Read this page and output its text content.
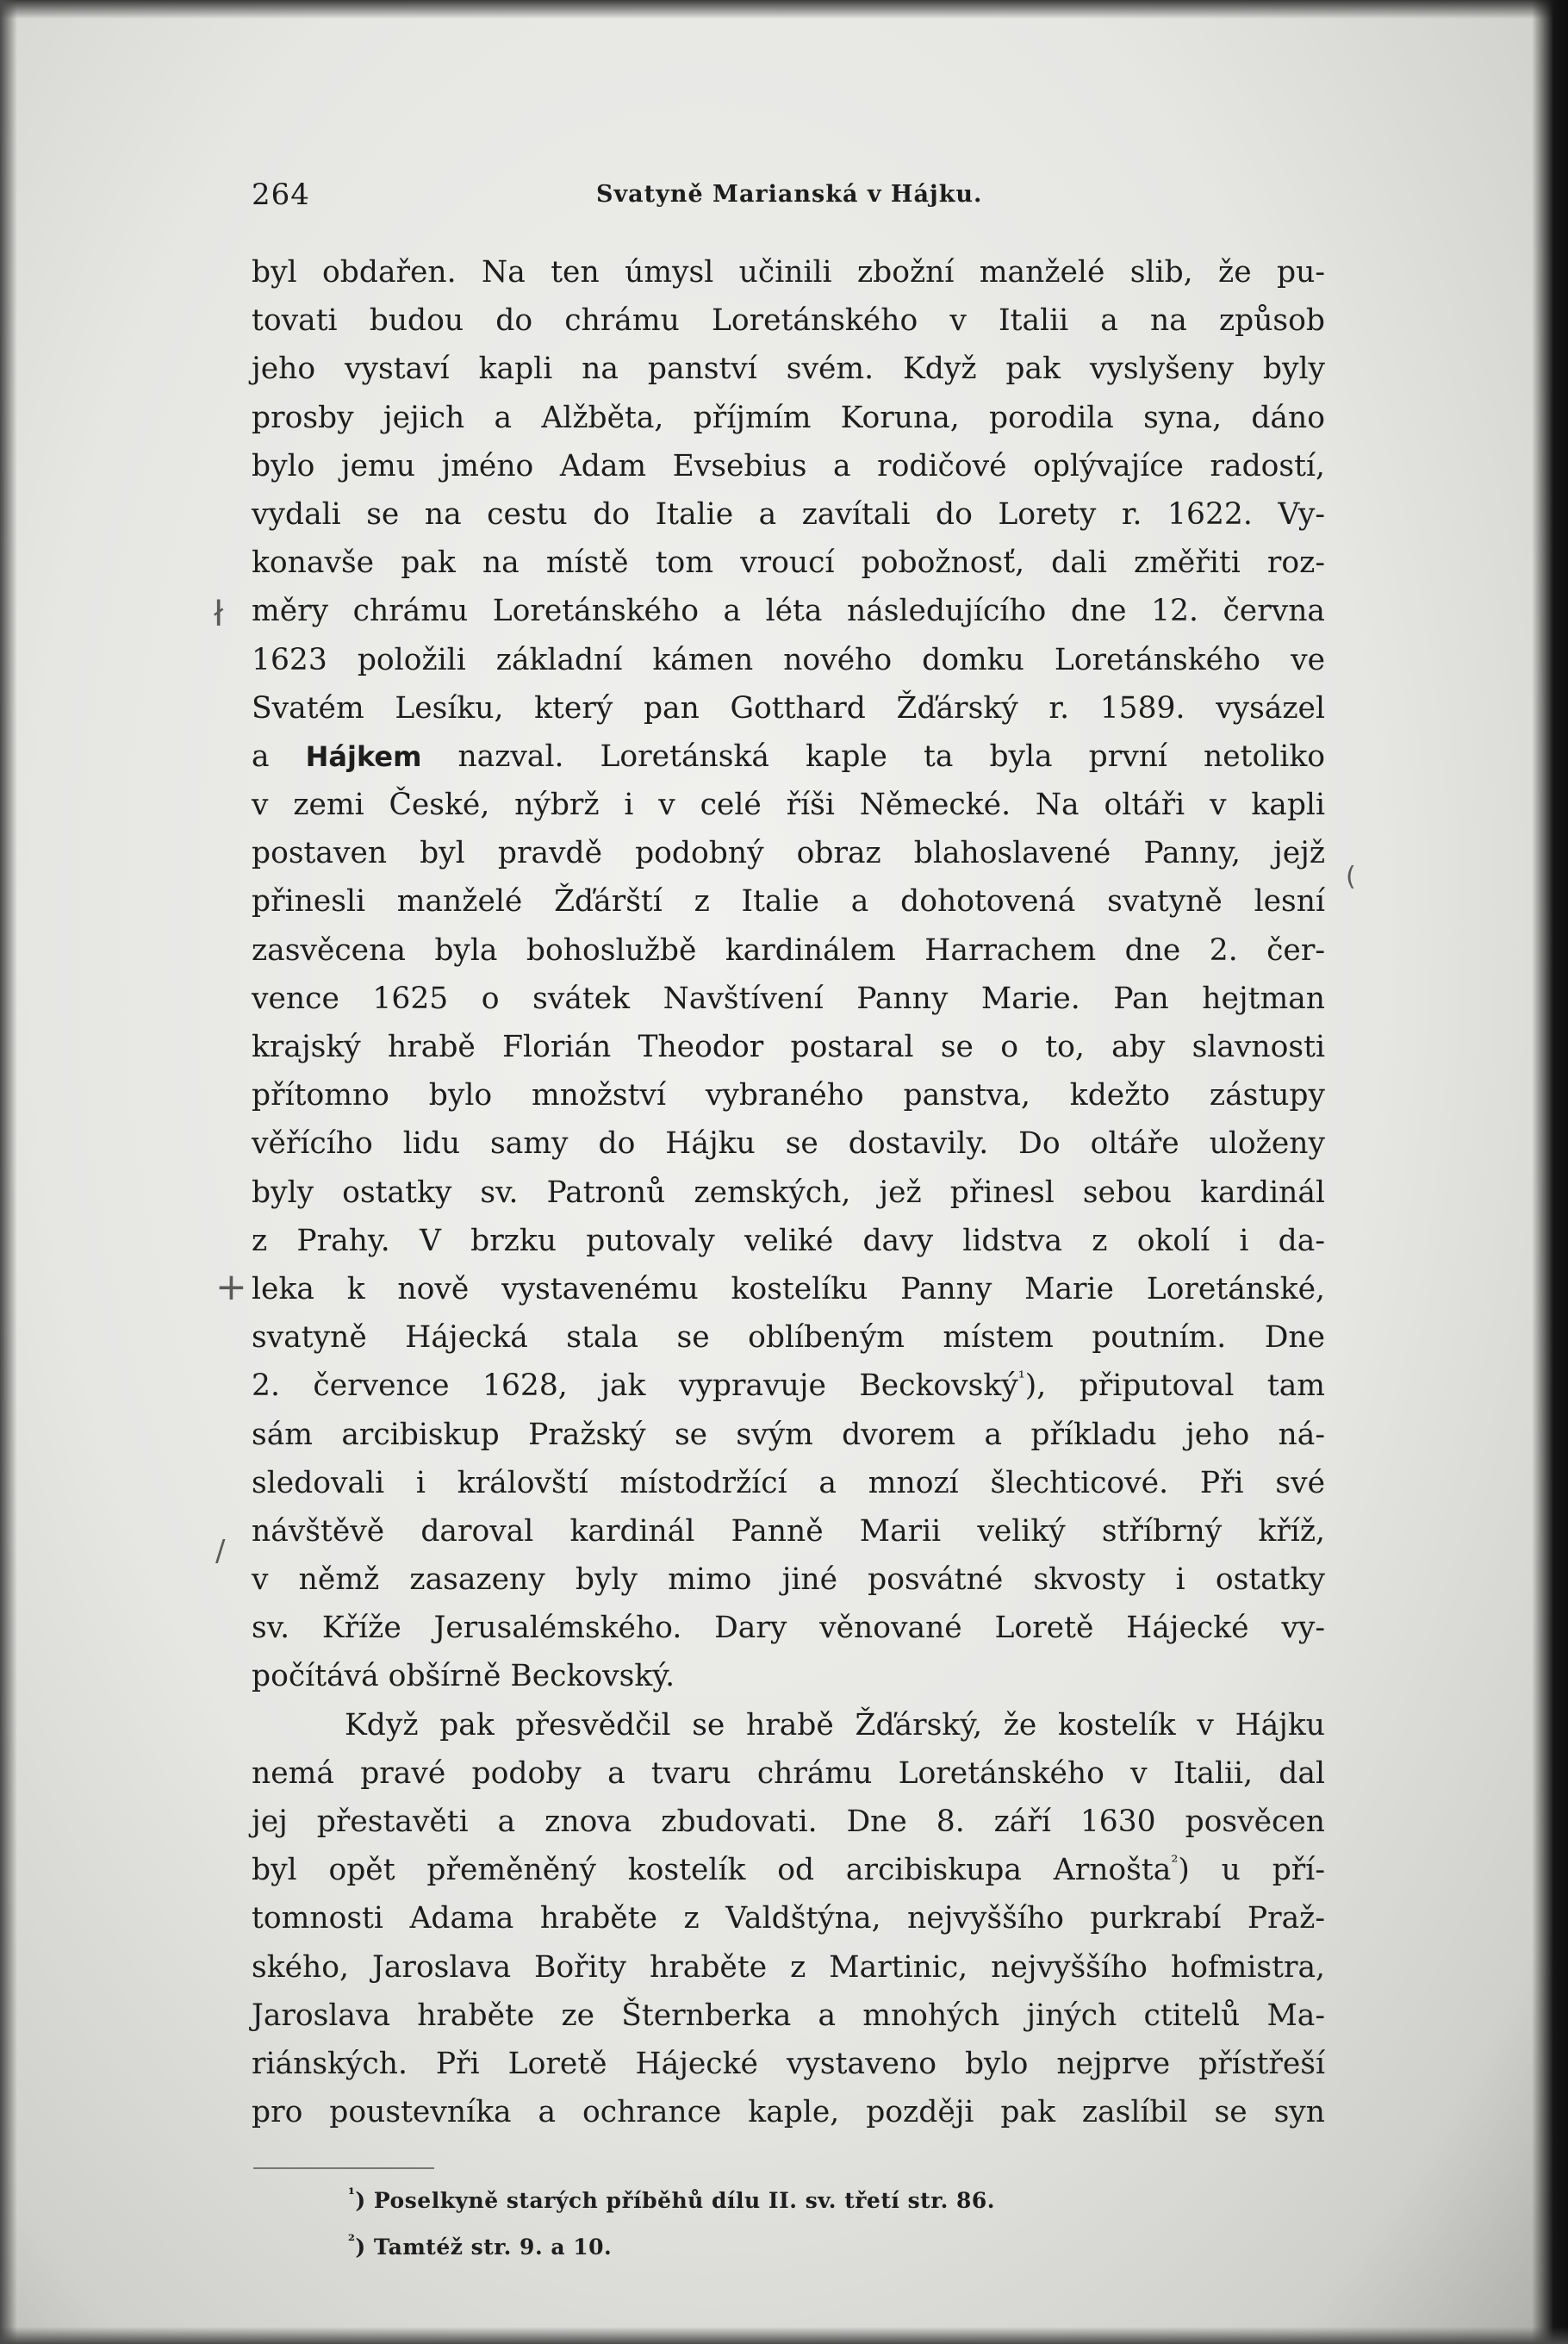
264	Svatyně Marianská v Hájku.
byl obdařen. Na ten úmysl učinili zbožní manželé slib, že pu-
tovati budou do chrámu Loretánského v Italii a na způsob
jeho vystaví kapli na panství svém. Když pak vyslyšeny byly
prosby jejich a Alžběta, příjmím Koruna, porodila syna, dáno
bylo jemu jméno Adam Evsebius a rodičové oplývajíce radostí,
vydali se na cestu do Italie a zavítali do Lorety r. 1622. Vy-
konavše pak na místě tom vroucí pobožnosť, dali změřiti roz-
měry chrámu Loretánského a léta následujícího dne 12. června
1623 položili základní kámen nového domku Loretánského ve
Svatém Lesíku, který pan Gotthard Žďárský r. 1589. vysázel
a Hájkem nazval. Loretánská kaple ta byla první netoliko
v zemi České, nýbrž i v celé říši Německé. Na oltáři v kapli
postaven byl pravdě podobný obraz blahoslavené Panny, jejž
přinesli manželé Žďárští z Italie a dohotovená svatyně lesní
zasvěcena byla bohoslužbě kardinálem Harrachem dne 2. čer-
vence 1625 o svátek Navštívení Panny Marie. Pan hejtman
krajský hrabě Florián Theodor postaral se o to, aby slavnosti
přítomno bylo množství vybraného panstva, kdežto zástupy
věřícího lidu samy do Hájku se dostavily. Do oltáře uloženy
byly ostatky sv. Patronů zemských, jež přinesl sebou kardinál
z Prahy. V brzku putovaly veliké davy lidstva z okolí i da-
leka k nově vystavenému kostelíku Panny Marie Loretánské,
svatyně Hájecká stala se oblíbeným místem poutním. Dne
2. července 1628, jak vypravuje Beckovský$^{^1}$), připutoval tam
sám arcibiskup Pražský se svým dvorem a příkladu jeho ná-
sledovali i královští místodržící a mnozí šlechticové. Při své
návštěvě daroval kardinál Panně Marii veliký stříbrný kříž,
v němž zasazeny byly mimo jiné posvátné skvosty i ostatky
sv. Kříže Jerusalémského. Dary věnované Loretě Hájecké vy-
počítává obšírně Beckovský.
Když pak přesvědčil se hrabě Žďárský, že kostelík v Hájku
nemá pravé podoby a tvaru chrámu Loretánského v Italii, dal
jej přestavěti a znova zbudovati. Dne 8. září 1630 posvěcen
byl opět přeměněný kostelík od arcibiskupa Arnošta$^{^2}$) u pří-
tomnosti Adama hraběte z Valdštýna, nejvyššího purkrabí Praž-
ského, Jaroslava Bořity hraběte z Martinic, nejvyššího hofmistra,
Jaroslava hraběte ze Šternberka a mnohých jiných ctitelů Ma-
riánských. Při Loretě Hájecké vystaveno bylo nejprve přístřeší
pro poustevníka a ochrance kaple, později pak zaslíbil se syn
$^{^1}$) Poselkyně starých příběhů dílu II. sv. třetí str. 86.
$^{^2}$) Tamtéž str. 9. a 10.
ł
+
(
/
